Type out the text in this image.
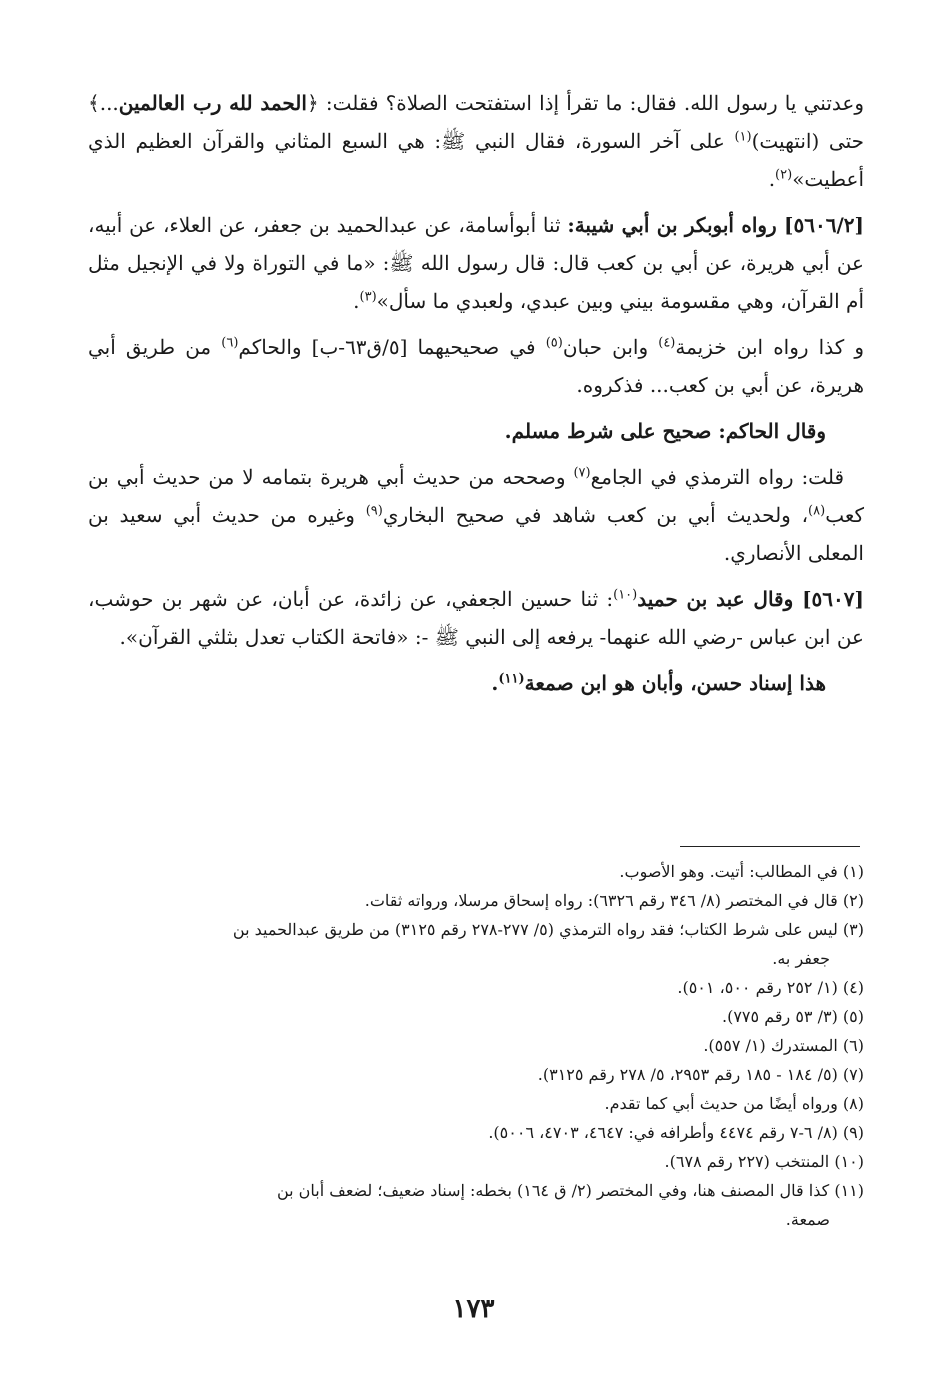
وعدتني يا رسول الله. فقال: ما تقرأ إذا استفتحت الصلاة؟ فقلت: ﴿الحمد لله رب العالمين...﴾ حتى (انتهيت)$^{(١)}$ على آخر السورة، فقال النبي ﷺ: هي السبع المثاني والقرآن العظيم الذي أعطيت»$^{(٢)}$.

[٥٦٠٦/٢] رواه أبوبكر بن أبي شيبة: ثنا أبوأسامة، عن عبدالحميد بن جعفر، عن العلاء، عن أبيه، عن أبي هريرة، عن أبي بن كعب قال: قال رسول الله ﷺ: «ما في التوراة ولا في الإنجيل مثل أم القرآن، وهي مقسومة بيني وبين عبدي، ولعبدي ما سأل»$^{(٣)}$.

و كذا رواه ابن خزيمة$^{(٤)}$ وابن حبان$^{(٥)}$ في صحيحيهما [٥/ق٦٣-ب] والحاكم$^{(٦)}$ من طريق أبي هريرة، عن أبي بن كعب... فذكروه.

وقال الحاكم: صحيح على شرط مسلم.

قلت: رواه الترمذي في الجامع$^{(٧)}$ وصححه من حديث أبي هريرة بتمامه لا من حديث أبي بن كعب$^{(٨)}$، ولحديث أبي بن كعب شاهد في صحيح البخاري$^{(٩)}$ وغيره من حديث أبي سعيد بن المعلى الأنصاري.

[٥٦٠٧] وقال عبد بن حميد$^{(١٠)}$: ثنا حسين الجعفي، عن زائدة، عن أبان، عن شهر بن حوشب، عن ابن عباس -رضي الله عنهما- يرفعه إلى النبي ﷺ -: «فاتحة الكتاب تعدل بثلثي القرآن».

هذا إسناد حسن، وأبان هو ابن صمعة$^{(١١)}$.

(١) في المطالب: أتيت. وهو الأصوب.
(٢) قال في المختصر (٨/ ٣٤٦ رقم ٦٣٢٦): رواه إسحاق مرسلا، ورواته ثقات.
(٣) ليس على شرط الكتاب؛ فقد رواه الترمذي (٥/ ٢٧٧-٢٧٨ رقم ٣١٢٥) من طريق عبدالحميد بن
جعفر به.
(٤) (١/ ٢٥٢ رقم ٥٠٠، ٥٠١).
(٥) (٣/ ٥٣ رقم ٧٧٥).
(٦) المستدرك (١/ ٥٥٧).
(٧) (٥/ ١٨٤ - ١٨٥ رقم ٢٩٥٣، ٥/ ٢٧٨ رقم ٣١٢٥).
(٨) ورواه أيضًا من حديث أبي كما تقدم.
(٩) (٨/ ٦-٧ رقم ٤٤٧٤ وأطرافه في: ٤٦٤٧، ٤٧٠٣، ٥٠٠٦).
(١٠) المنتخب (٢٢٧ رقم ٦٧٨).
(١١) كذا قال المصنف هنا، وفي المختصر (٢/ ق ١٦٤) بخطه: إسناد ضعيف؛ لضعف أبان بن
صمعة.
١٧٣
